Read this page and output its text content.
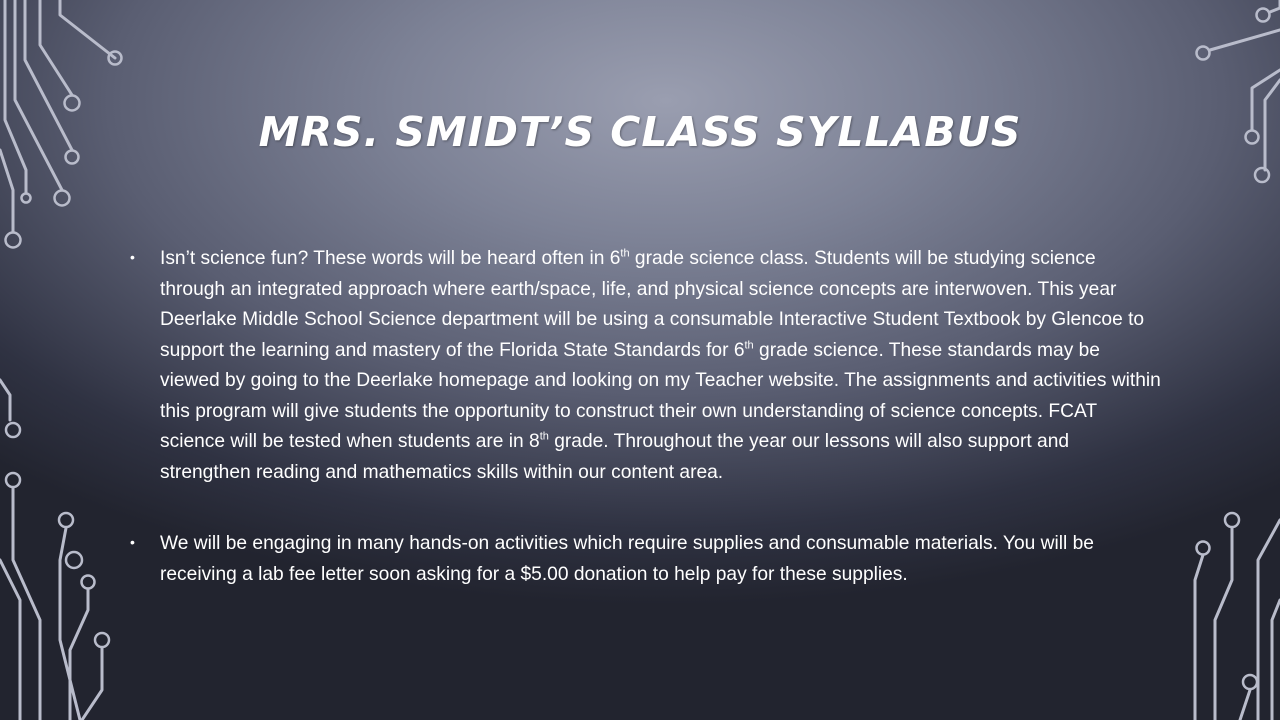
MRS. SMIDT’S CLASS SYLLABUS
•	Isn’t science fun? These words will be heard often in 6th grade science class. Students will be studying science through an integrated approach where earth/space, life, and physical science concepts are interwoven. This year Deerlake Middle School Science department will be using a consumable Interactive Student Textbook by Glencoe to support the learning and mastery of the Florida State Standards for 6th grade science. These standards may be viewed by going to the Deerlake homepage and looking on my Teacher website. The assignments and activities within this program will give students the opportunity to construct their own understanding of science concepts. FCAT science will be tested when students are in 8th grade. Throughout the year our lessons will also support and strengthen reading and mathematics skills within our content area.
•	We will be engaging in many hands-on activities which require supplies and consumable materials. You will be receiving a lab fee letter soon asking for a $5.00 donation to help pay for these supplies.
